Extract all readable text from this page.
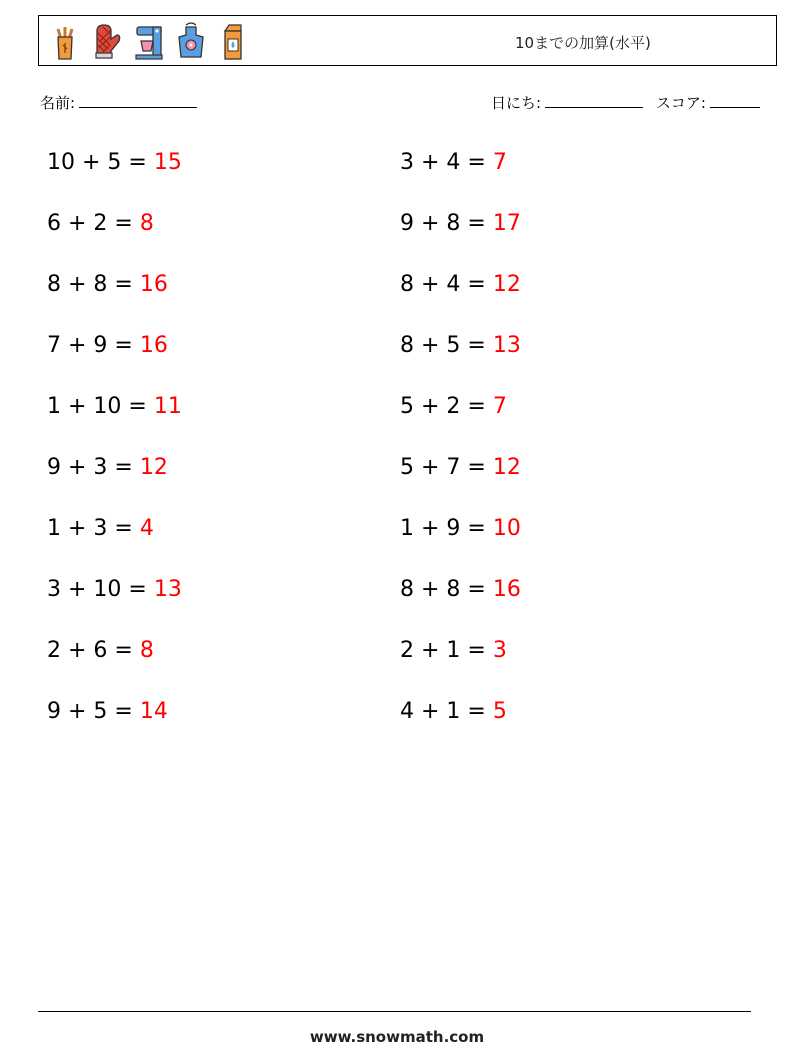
10までの加算(水平)
名前:	日にち:	スコア:
10 + 5 = 15
6 + 2 = 8
8 + 8 = 16
7 + 9 = 16
1 + 10 = 11
9 + 3 = 12
1 + 3 = 4
3 + 10 = 13
2 + 6 = 8
9 + 5 = 14
3 + 4 = 7
9 + 8 = 17
8 + 4 = 12
8 + 5 = 13
5 + 2 = 7
5 + 7 = 12
1 + 9 = 10
8 + 8 = 16
2 + 1 = 3
4 + 1 = 5
www.snowmath.com
